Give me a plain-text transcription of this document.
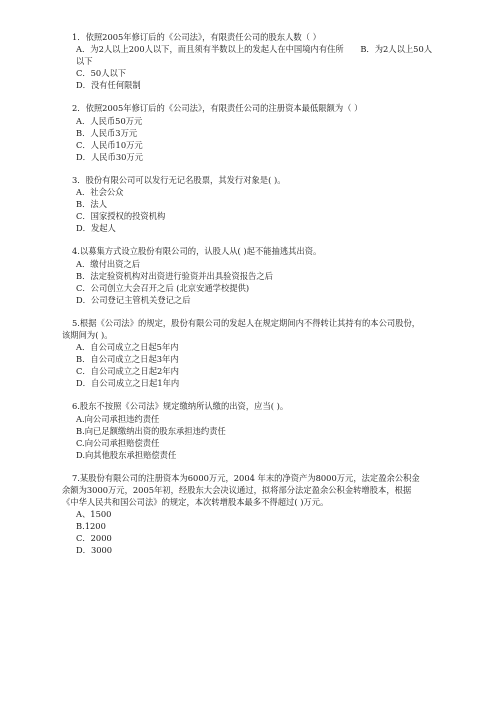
1．依照2005年修订后的《公司法》，有限责任公司的股东人数（ ）
A．为2人以上200人以下，而且须有半数以上的发起人在中国境内有住所　　B．为2人以上50人以下
C．50人以下
D．没有任何限制
2．依照2005年修订后的《公司法》，有限责任公司的注册资本最低限额为（ ）
A．人民币50万元
B．人民币3万元
C．人民币10万元
D．人民币30万元
3．股份有限公司可以发行无记名股票，其发行对象是( )。
A．社会公众
B．法人
C．国家授权的投资机构
D．发起人
4.以募集方式设立股份有限公司的，认股人从( )起不能抽逃其出资。
A．缴付出资之后
B．法定验资机构对出资进行验资并出具验资报告之后
C．公司创立大会召开之后 (北京安通学校提供)
D．公司登记主管机关登记之后
5.根据《公司法》的规定，股份有限公司的发起人在规定期间内不得转让其持有的本公司股份，该期间为( )。
A．自公司成立之日起5年内
B．自公司成立之日起3年内
C．自公司成立之日起2年内
D．自公司成立之日起1年内
6.股东不按照《公司法》规定缴纳所认缴的出资，应当( )。
A.向公司承担违约责任
B.向已足额缴纳出资的股东承担违约责任
C.向公司承担赔偿责任
D.向其他股东承担赔偿责任
7.某股份有限公司的注册资本为6000万元，2004 年末的净资产为8000万元，法定盈余公积金余额为3000万元，2005年初，经股东大会决议通过，拟将部分法定盈余公积金转增股本，根据《中华人民共和国公司法》的规定，本次转增股本最多不得超过( )万元。
A、1500
B.1200
C．2000
D．3000
